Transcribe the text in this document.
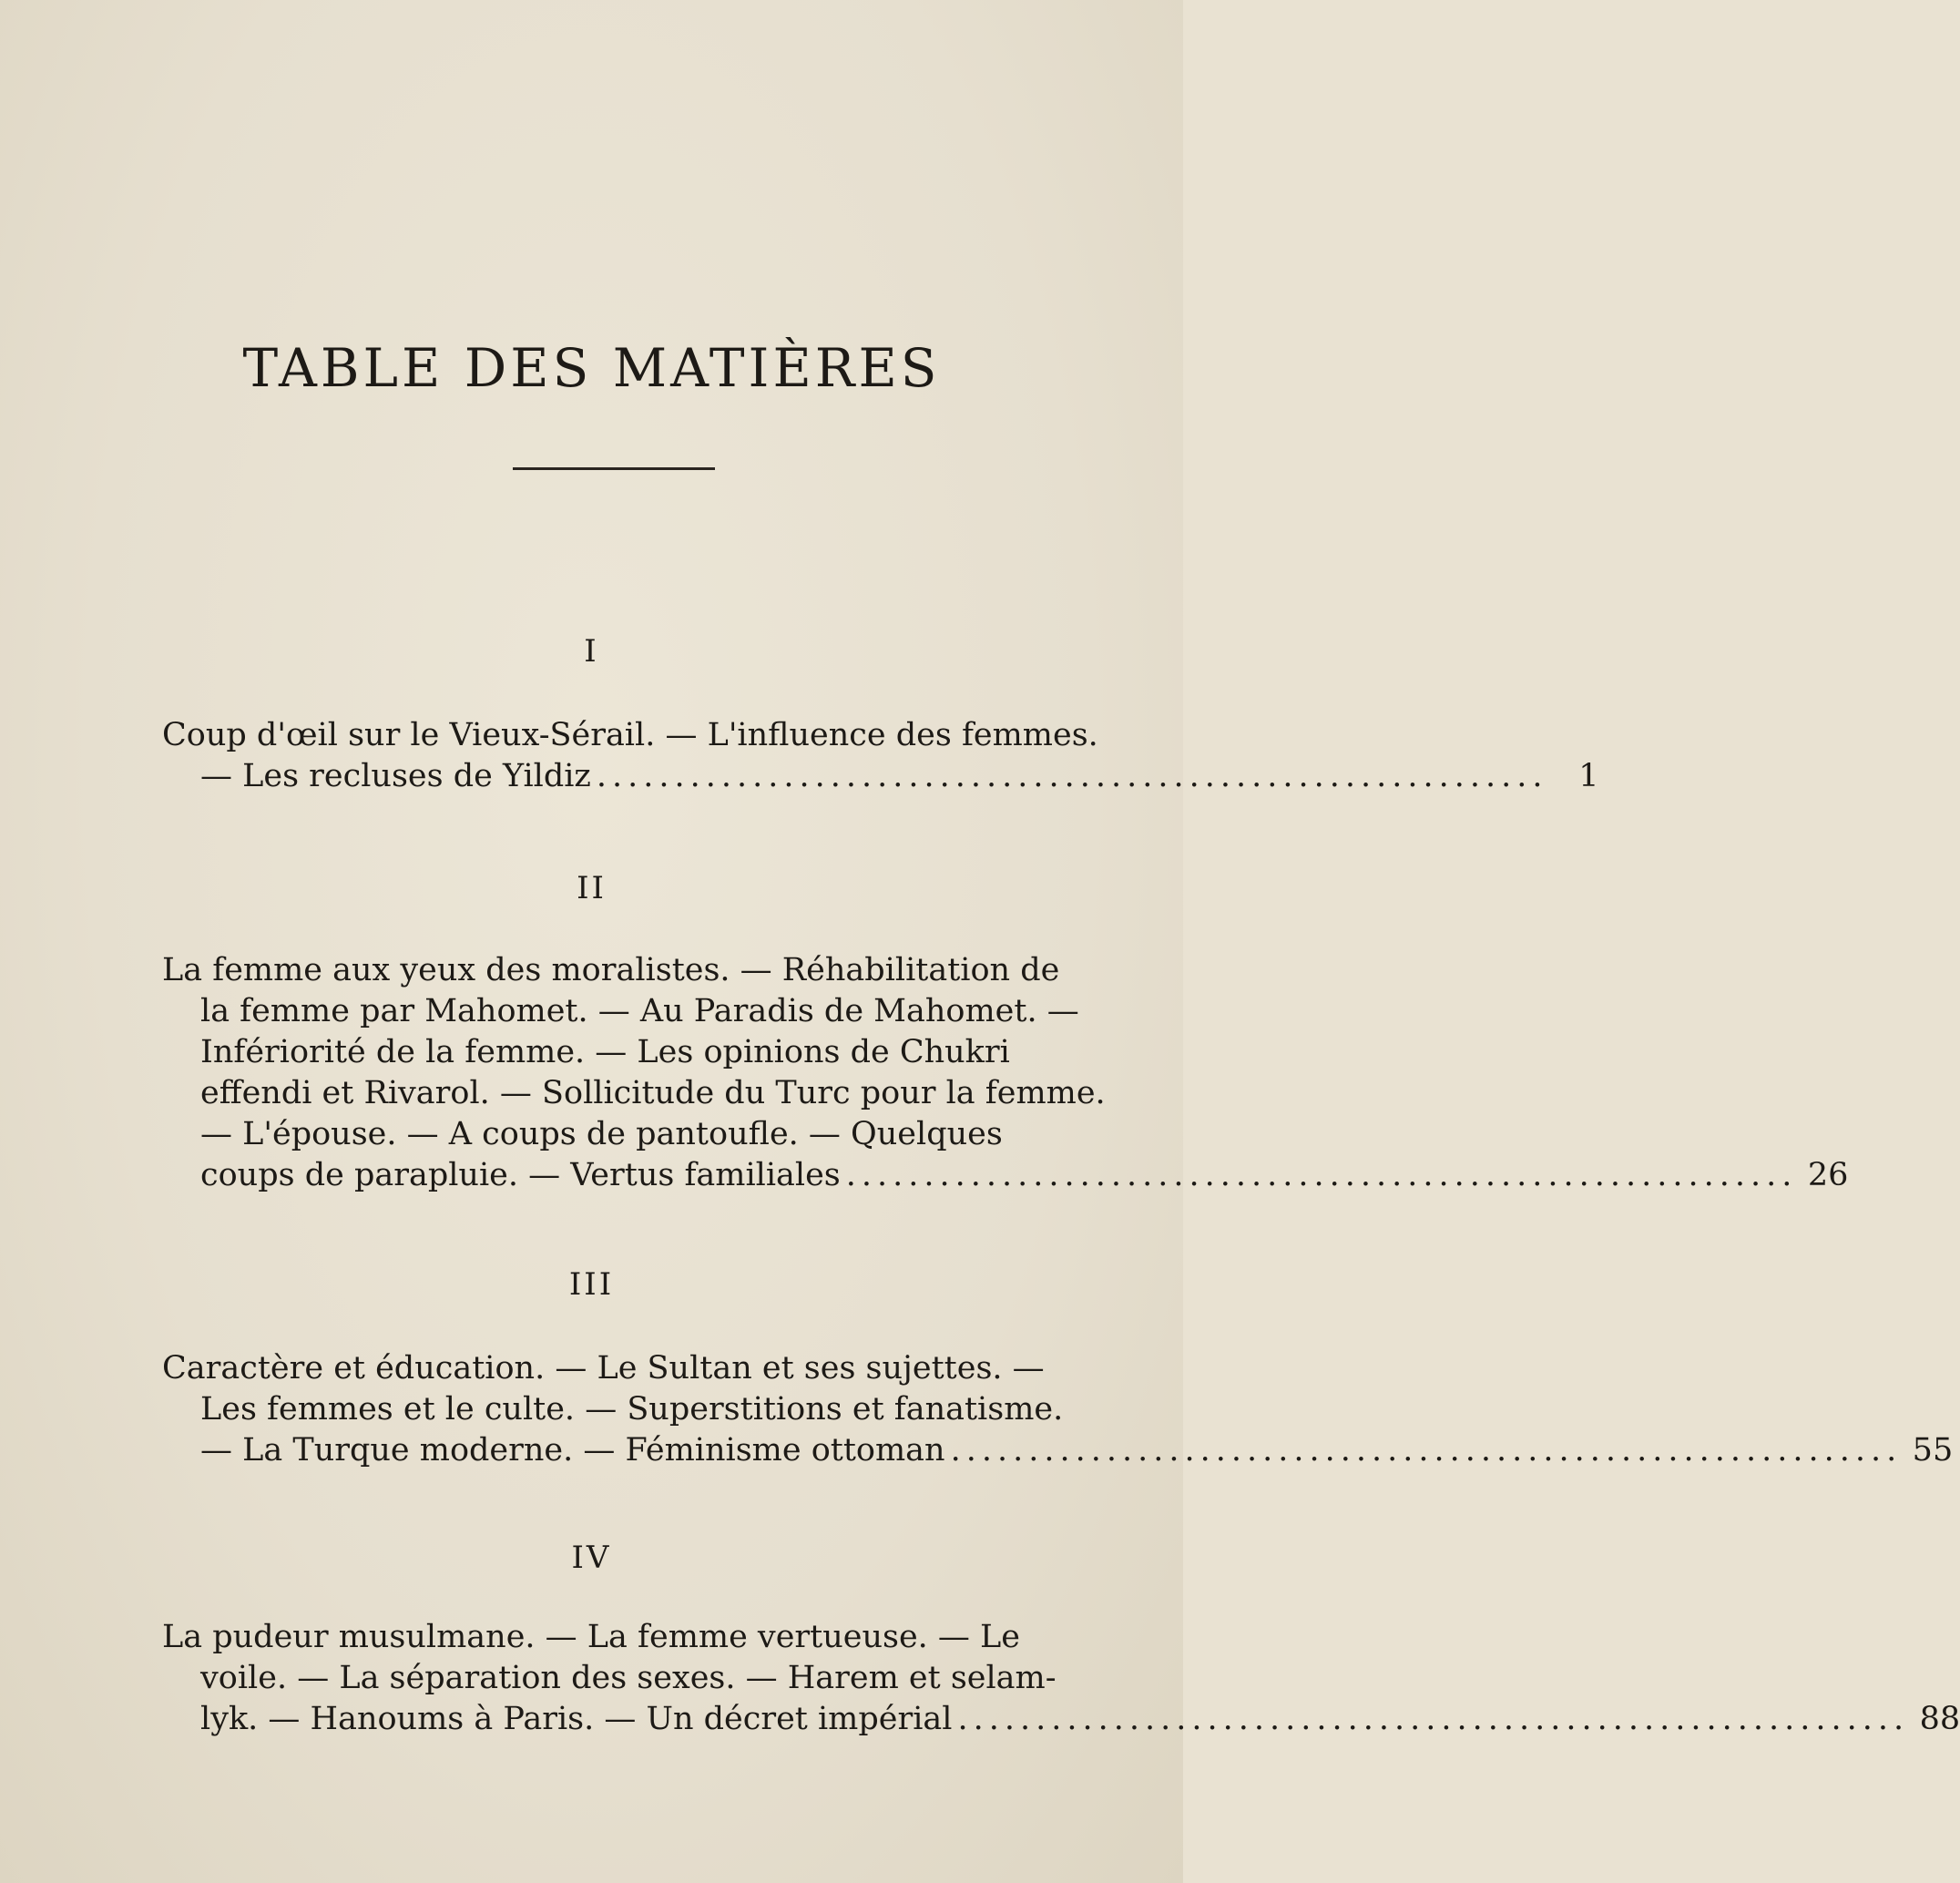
TABLE DES MATIÈRES
I
Coup d'œil sur le Vieux-Sérail. — L'influence des femmes.
— Les recluses de Yildiz ............................................................. 1
II
La femme aux yeux des moralistes. — Réhabilitation de
la femme par Mahomet. — Au Paradis de Mahomet. —
Infériorité de la femme. — Les opinions de Chukri
effendi et Rivarol. — Sollicitude du Turc pour la femme.
— L'épouse. — A coups de pantoufle. — Quelques
coups de parapluie. — Vertus familiales ............................................................. 26
III
Caractère et éducation. — Le Sultan et ses sujettes. —
Les femmes et le culte. — Superstitions et fanatisme.
— La Turque moderne. — Féminisme ottoman ............................................................. 55
IV
La pudeur musulmane. — La femme vertueuse. — Le
voile. — La séparation des sexes. — Harem et selam-
lyk. — Hanoums à Paris. — Un décret impérial ............................................................. 88
